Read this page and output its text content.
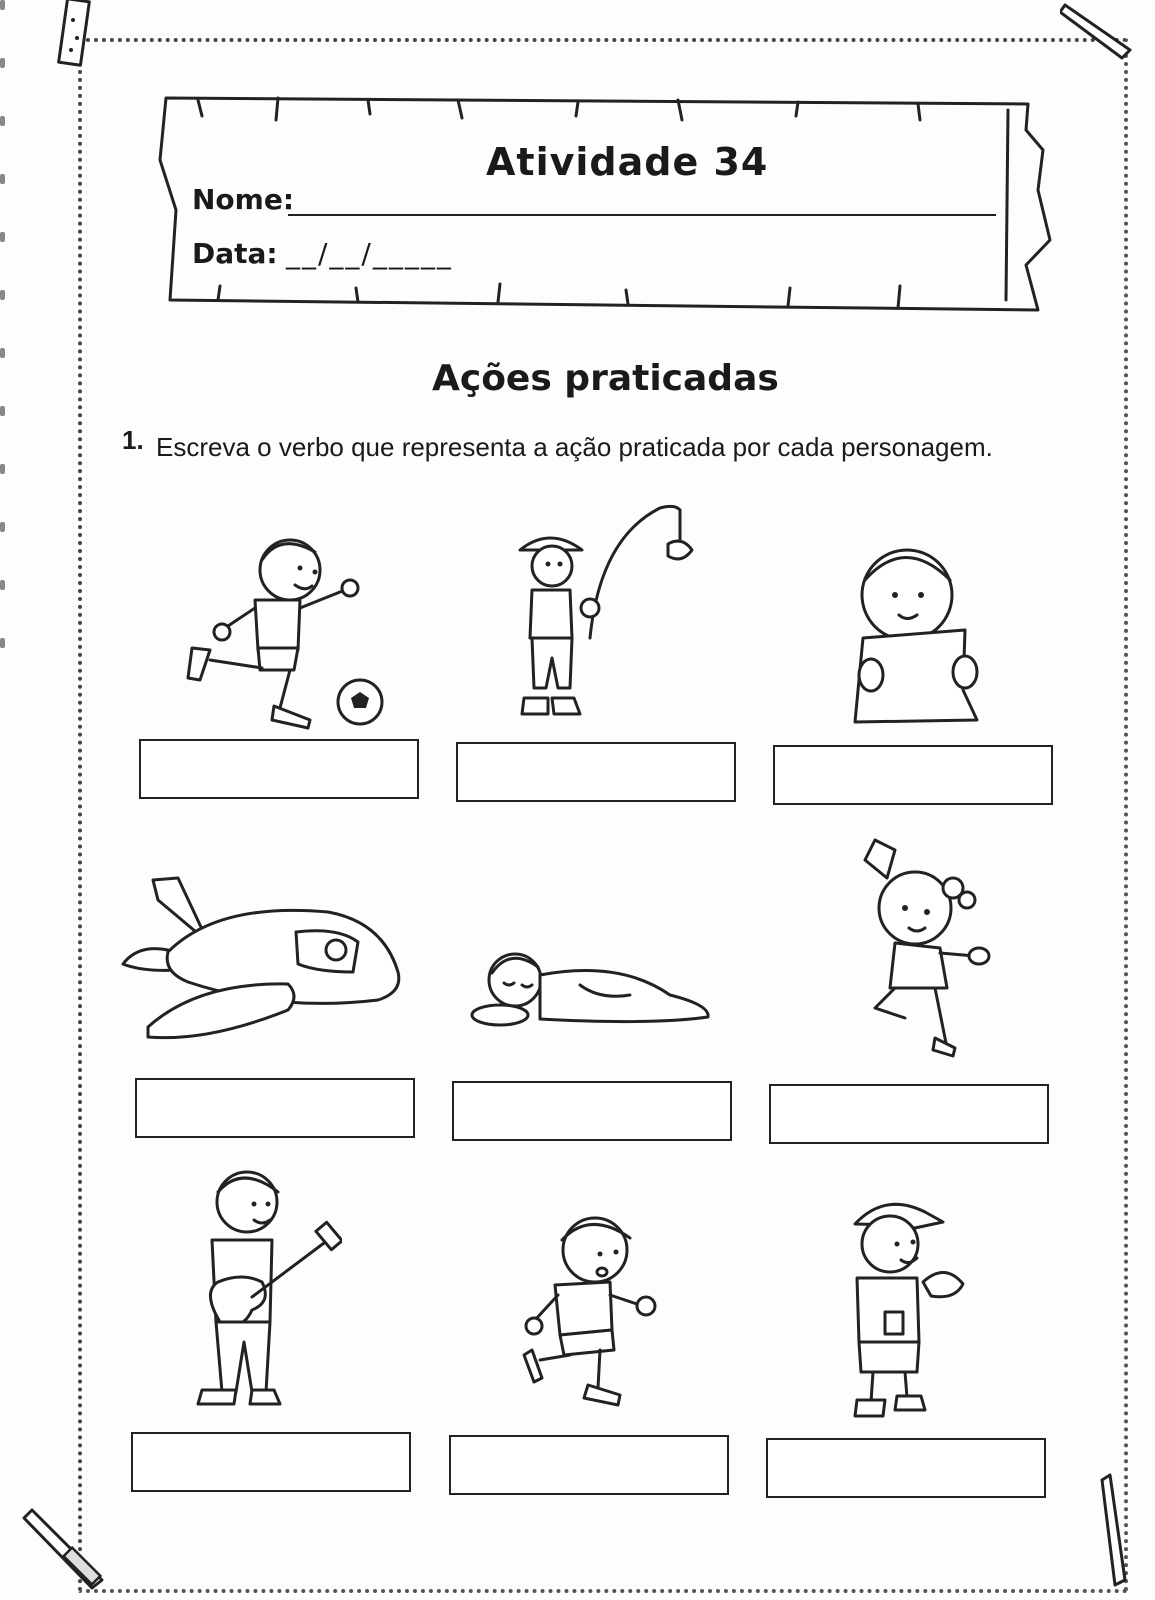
Atividade 34
Nome:
Data: __/__/_____
Ações praticadas
1. Escreva o verbo que representa a ação praticada por cada personagem.
